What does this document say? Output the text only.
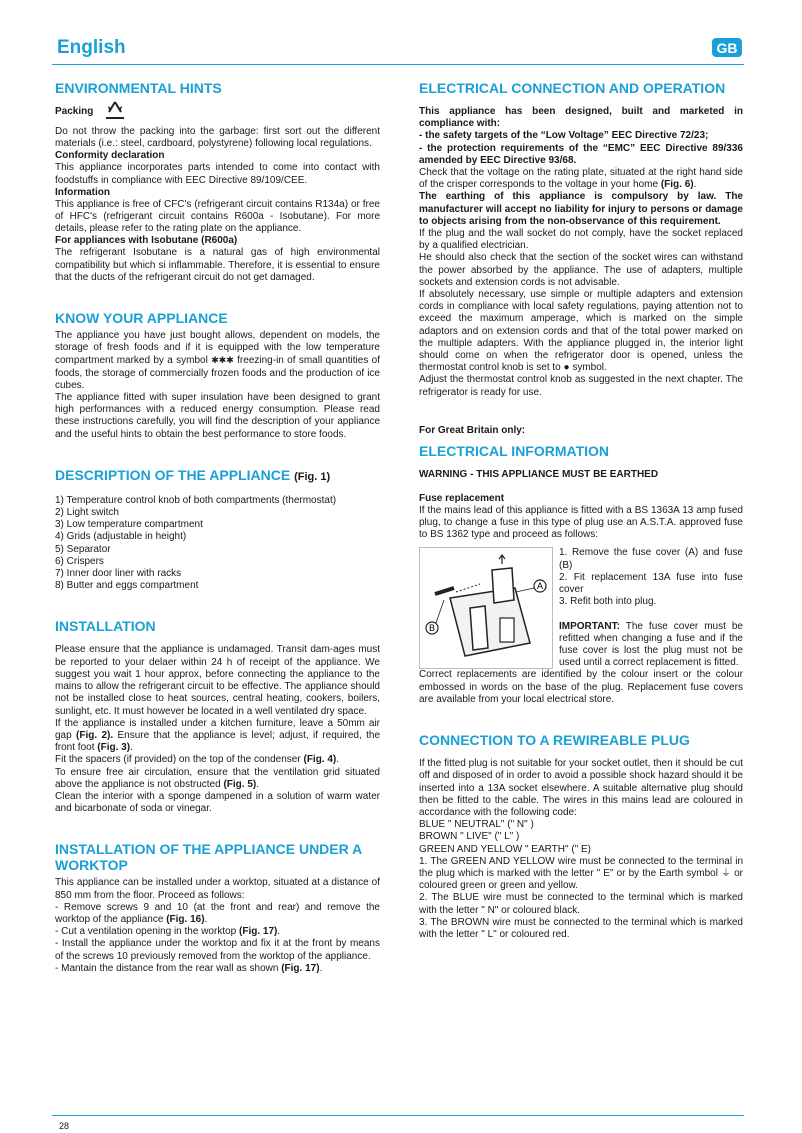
English	GB
ENVIRONMENTAL HINTS
Packing
Do not throw the packing into the garbage: first sort out the different materials (i.e.: steel, cardboard, polystyrene) following local regulations.
Conformity declaration
This appliance incorporates parts intended to come into contact with foodstuffs in compliance with EEC Directive 89/109/CEE.
Information
This appliance is free of CFC's (refrigerant circuit contains R134a) or free of HFC's (refrigerant circuit contains R600a - Isobutane). For more details, please refer to the rating plate on the appliance.
For appliances with Isobutane (R600a)
The refrigerant Isobutane is a natural gas of high environmental compatibility but which si inflammable. Therefore, it is essential to ensure that the ducts of the refrigerant circuit do not get damaged.
KNOW YOUR APPLIANCE
The appliance you have just bought allows, dependent on models, the storage of fresh foods and if it is equipped with the low temperature compartment marked by a symbol ✱✱✱ freezing-in of small quantities of foods, the storage of commercially frozen foods and the production of ice cubes.
The appliance fitted with super insulation have been designed to grant high performances with a reduced energy consumption. Please read these instructions carefully, you will find the description of your appliance and the useful hints to obtain the best performance to store foods.
DESCRIPTION OF THE APPLIANCE (Fig. 1)
1) Temperature control knob of both compartments (thermostat)
2) Light switch
3) Low temperature compartment
4) Grids (adjustable in height)
5) Separator
6) Crispers
7) Inner door liner with racks
8) Butter and eggs compartment
INSTALLATION
Please ensure that the appliance is undamaged. Transit dam-ages must be reported to your delaer within 24 h of receipt of the appliance. We suggest you wait 1 hour approx, before connecting the appliance to the mains to allow the refrigerant circuit to be effective. The appliance should not be installed close to heat sources, central heating, cookers, boilers, sunlight, etc. It must however be located in a well ventilated dry space.
If the appliance is installed under a kitchen furniture, leave a 50mm air gap (Fig. 2). Ensure that the appliance is level; adjust, if required, the front foot (Fig. 3).
Fit the spacers (if provided) on the top of the condenser (Fig. 4).
To ensure free air circulation, ensure that the ventilation grid situated above the appliance is not obstructed (Fig. 5).
Clean the interior with a sponge dampened in a solution of warm water and bicarbonate of soda or vinegar.
INSTALLATION OF THE APPLIANCE UNDER A WORKTOP
This appliance can be installed under a worktop, situated at a distance of 850 mm from the floor. Proceed as follows:
- Remove screws 9 and 10 (at the front and rear) and remove the worktop of the appliance (Fig. 16).
- Cut a ventilation opening in the worktop (Fig. 17).
- Install the appliance under the worktop and fix it at the front by means of the screws 10 previously removed from the worktop of the appliance.
- Mantain the distance from the rear wall as shown (Fig. 17).
ELECTRICAL CONNECTION AND OPERATION
This appliance has been designed, built and marketed in compliance with:
- the safety targets of the “Low Voltage” EEC Directive 72/23;
- the protection requirements of the “EMC” EEC Directive 89/336 amended by EEC Directive 93/68.
Check that the voltage on the rating plate, situated at the right hand side of the crisper corresponds to the voltage in your home (Fig. 6).
The earthing of this appliance is compulsory by law. The manufacturer will accept no liability for injury to persons or damage to objects arising from the non-observance of this requirement.
If the plug and the wall socket do not comply, have the socket replaced by a qualified electrician.
He should also check that the section of the socket wires can withstand the power absorbed by the appliance. The use of adapters, multiple sockets and extension cords is not advisable.
If absolutely necessary, use simple or multiple adapters and extension cords in compliance with local safety regulations, paying attention not to exceed the maximum amperage, which is marked on the simple adaptors and on extension cords and that of the total power marked on the multiple adapters. With the appliance plugged in, the interior light should come on when the refrigerator door is opened, unless the thermostat control knob is set to ● symbol.
Adjust the thermostat control knob as suggested in the next chapter. The refrigerator is ready for use.
For Great Britain only:
ELECTRICAL INFORMATION
WARNING - THIS APPLIANCE MUST BE EARTHED
Fuse replacement
If the mains lead of this appliance is fitted with a BS 1363A 13 amp fused plug, to change a fuse in this type of plug use an A.S.T.A. approved fuse to BS 1362 type and proceed as follows:
A
B
1. Remove the fuse cover (A) and fuse (B)
2. Fit replacement 13A fuse into fuse cover
3. Refit both into plug.
IMPORTANT: The fuse cover must be refitted when changing a fuse and if the fuse cover is lost the plug must not be used until a correct replacement is fitted.
Correct replacements are identified by the colour insert or the colour embossed in words on the base of the plug. Replacement fuse covers are available from your local electrical store.
CONNECTION TO A REWIREABLE PLUG
If the fitted plug is not suitable for your socket outlet, then it should be cut off and disposed of in order to avoid a possible shock hazard should it be inserted into a 13A socket elsewhere. A suitable alternative plug should then be fitted to the cable. The wires in this mains lead are coloured in accordance with the following code:
BLUE " NEUTRAL" (" N" )
BROWN " LIVE" (" L" )
GREEN AND YELLOW " EARTH" (" E)
1. The GREEN AND YELLOW wire must be connected to the terminal in the plug which is marked with the letter " E" or by the Earth symbol ⏚ or coloured green or green and yellow.
2. The BLUE wire must be connected to the terminal which is marked with the letter " N" or coloured black.
3. The BROWN wire must be connected to the terminal which is marked with the letter " L" or coloured red.
28
